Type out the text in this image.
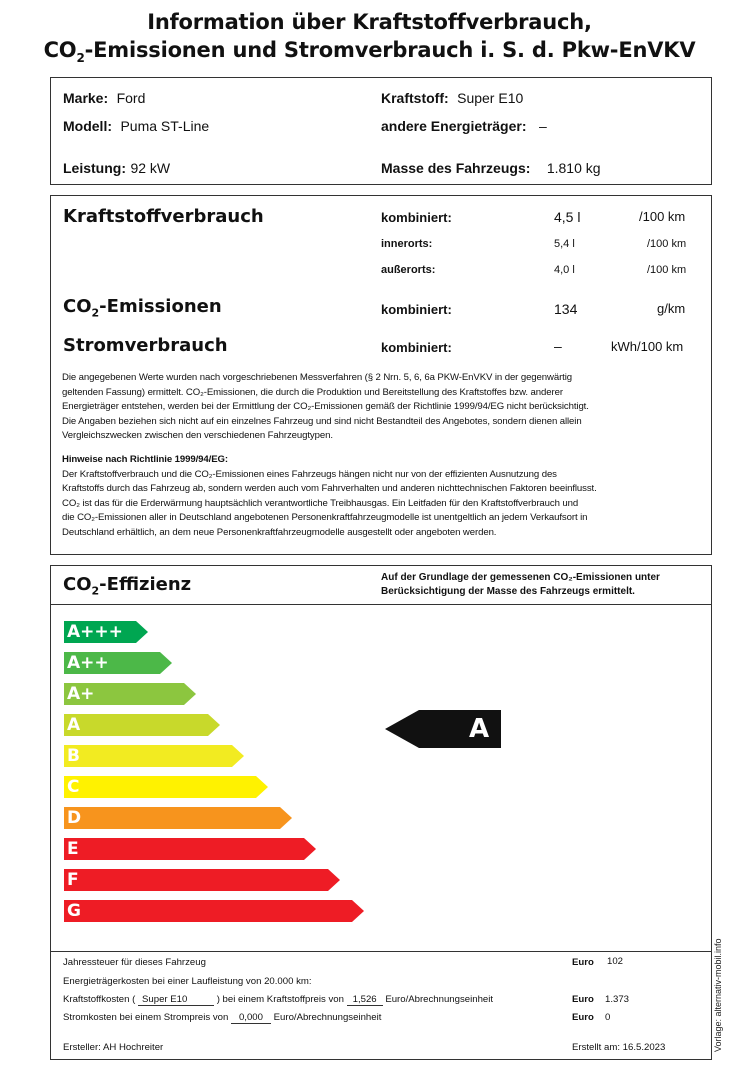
Information über Kraftstoffverbrauch,
$CO_2$-Emissionen und Stromverbrauch i. S. d. Pkw-EnVKV
Marke: Ford
Modell: Puma ST-Line
Leistung: 92 kW
Kraftstoff: Super E10
andere Energieträger: –
Masse des Fahrzeugs: 1.810 kg
Kraftstoffverbrauch	kombiniert:	4,5 l	/100 km
innerorts:	5,4 l	/100 km
außerorts:	4,0 l	/100 km
$CO_2$-Emissionen	kombiniert:	134	g/km
Stromverbrauch	kombiniert:	–	kWh/100 km
Die angegebenen Werte wurden nach vorgeschriebenen Messverfahren (§ 2 Nrn. 5, 6, 6a PKW-EnVKV in der gegenwärtig
geltenden Fassung) ermittelt. CO₂-Emissionen, die durch die Produktion und Bereitstellung des Kraftstoffes bzw. anderer
Energieträger entstehen, werden bei der Ermittlung der CO₂-Emissionen gemäß der Richtlinie 1999/94/EG nicht berücksichtigt.
Die Angaben beziehen sich nicht auf ein einzelnes Fahrzeug und sind nicht Bestandteil des Angebotes, sondern dienen allein
Vergleichszwecken zwischen den verschiedenen Fahrzeugtypen.
Hinweise nach Richtlinie 1999/94/EG:
Der Kraftstoffverbrauch und die CO₂-Emissionen eines Fahrzeugs hängen nicht nur von der effizienten Ausnutzung des
Kraftstoffs durch das Fahrzeug ab, sondern werden auch vom Fahrverhalten und anderen nichttechnischen Faktoren beeinflusst.
CO₂ ist das für die Erderwärmung hauptsächlich verantwortliche Treibhausgas. Ein Leitfaden für den Kraftstoffverbrauch und
die CO₂-Emissionen aller in Deutschland angebotenen Personenkraftfahrzeugmodelle ist unentgeltlich an jedem Verkaufsort in
Deutschland erhältlich, an dem neue Personenkraftfahrzeugmodelle ausgestellt oder angeboten werden.
$CO_2$-Effizienz	Auf der Grundlage der gemessenen CO₂-Emissionen unter
Berücksichtigung der Masse des Fahrzeugs ermittelt.
A+++
A++
A+
A
B
C
D
E
F
G
A
Jahressteuer für dieses Fahrzeug	Euro 102
Energieträgerkosten bei einer Laufleistung von 20.000 km:
Kraftstoffkosten ( Super E10	) bei einem Kraftstoffpreis von 1,526 Euro/Abrechnungseinheit	Euro 1.373
Stromkosten bei einem Strompreis von 0,000 Euro/Abrechnungseinheit	Euro 0
Ersteller: AH Hochreiter	Erstellt am: 16.5.2023	Vorlage: alternativ-mobil.info
